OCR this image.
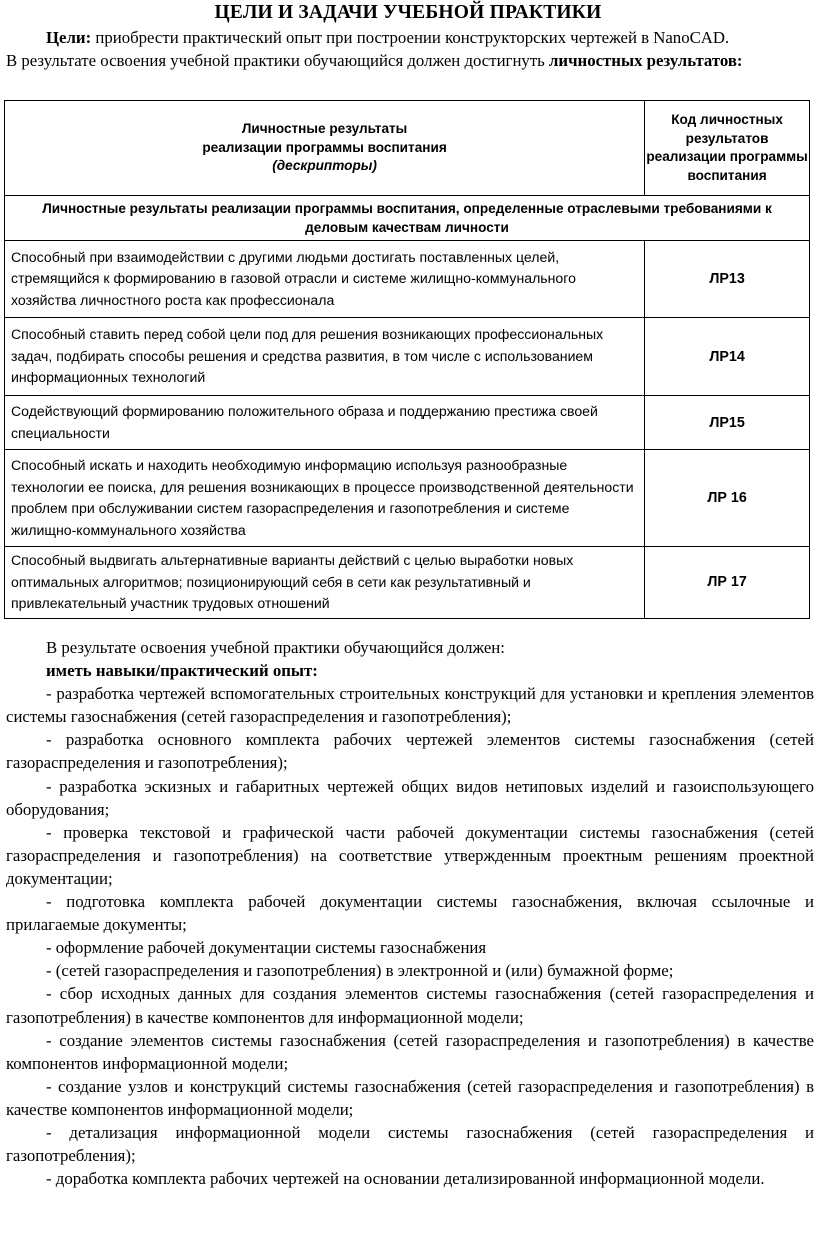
ЦЕЛИ И ЗАДАЧИ УЧЕБНОЙ ПРАКТИКИ

Цели: приобрести практический опыт при построении конструкторских чертежей в NanoCAD.

В результате освоения учебной практики обучающийся должен достигнуть личностных результатов:

Личностные результаты
реализации программы воспитания
(дескрипторы)	Код личностных результатов реализации программы воспитания
Личностные результаты реализации программы воспитания, определенные отраслевыми требованиями к деловым качествам личности	
Способный при взаимодействии с другими людьми достигать поставленных целей, стремящийся к формированию в газовой отрасли и системе жилищно-коммунального хозяйства личностного роста как профессионала	ЛР13
Способный ставить перед собой цели под для решения возникающих профессиональных задач, подбирать способы решения и средства развития, в том числе с использованием информационных технологий	ЛР14
Содействующий формированию положительного образа и поддержанию престижа своей специальности	ЛР15
Способный искать и находить необходимую информацию используя разнообразные технологии ее поиска, для решения возникающих в процессе производственной деятельности проблем при обслуживании систем газораспределения и газопотребления и системе жилищно-коммунального хозяйства	ЛР 16
Способный выдвигать альтернативные варианты действий с целью выработки новых оптимальных алгоритмов; позиционирующий себя в сети как результативный и привлекательный участник трудовых отношений	ЛР 17

В результате освоения учебной практики обучающийся должен:

иметь навыки/практический опыт:

- разработка чертежей вспомогательных строительных конструкций для установки и крепления элементов системы газоснабжения (сетей газораспределения и газопотребления);

- разработка основного комплекта рабочих чертежей элементов системы газоснабжения (сетей газораспределения и газопотребления);

- разработка эскизных и габаритных чертежей общих видов нетиповых изделий и газоиспользующего оборудования;

- проверка текстовой и графической части рабочей документации системы газоснабжения (сетей газораспределения и газопотребления) на соответствие утвержденным проектным решениям проектной документации;

- подготовка комплекта рабочей документации системы газоснабжения, включая ссылочные и прилагаемые документы;

- оформление рабочей документации системы газоснабжения

- (сетей газораспределения и газопотребления) в электронной и (или) бумажной форме;

- сбор исходных данных для создания элементов системы газоснабжения (сетей газораспределения и газопотребления) в качестве компонентов для информационной модели;

- создание элементов системы газоснабжения (сетей газораспределения и газопотребления) в качестве компонентов информационной модели;

- создание узлов и конструкций системы газоснабжения (сетей газораспределения и газопотребления) в качестве компонентов информационной модели;

- детализация информационной модели системы газоснабжения (сетей газораспределения и газопотребления);

- доработка комплекта рабочих чертежей на основании детализированной информационной модели.
